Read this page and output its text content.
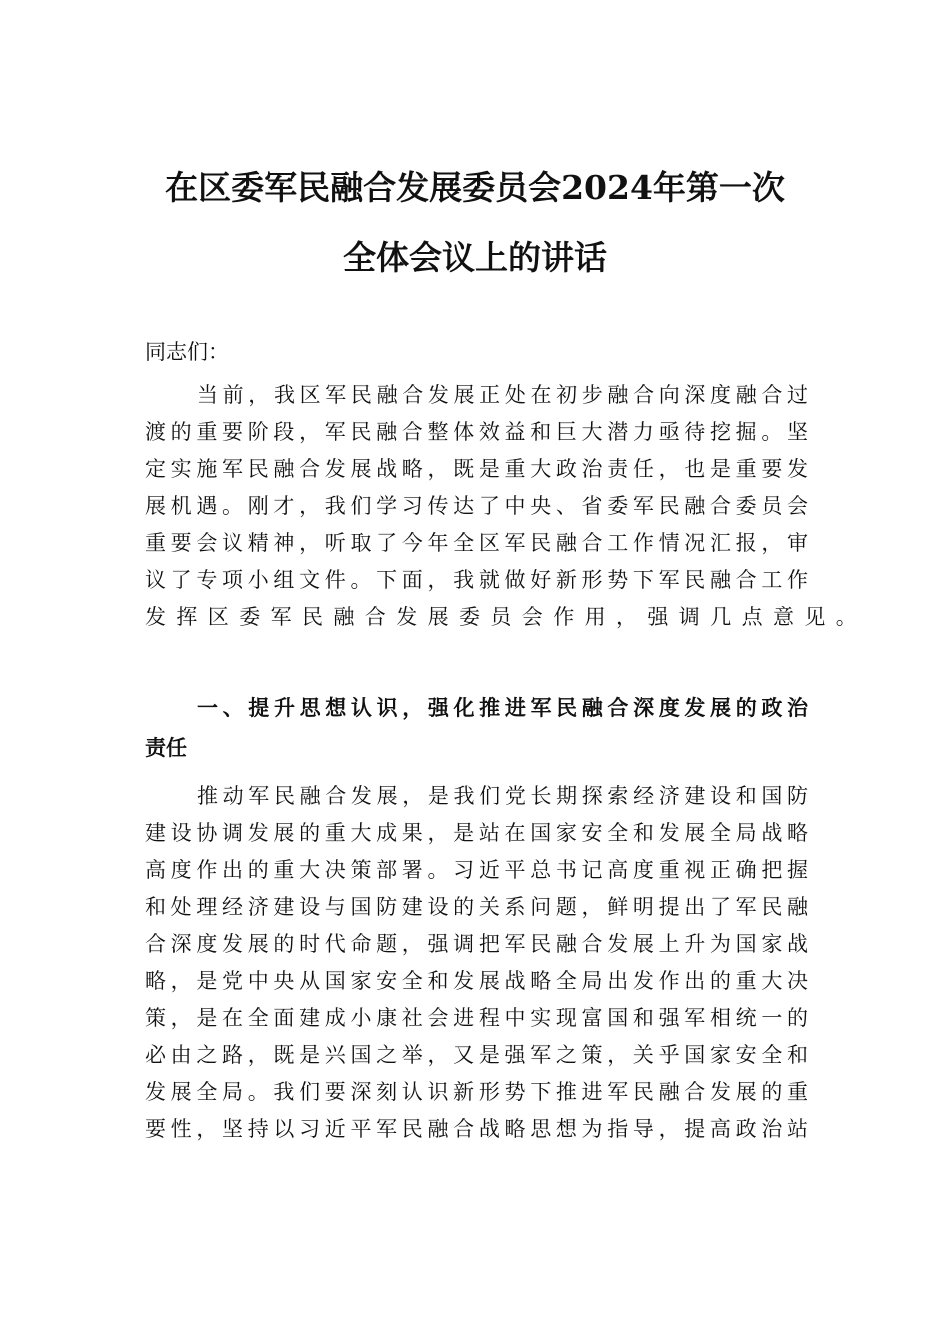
在区委军民融合发展委员会2024年第一次
全体会议上的讲话
同志们：
当前，我区军民融合发展正处在初步融合向深度融合过
渡的重要阶段，军民融合整体效益和巨大潜力亟待挖掘。坚
定实施军民融合发展战略，既是重大政治责任，也是重要发
展机遇。刚才，我们学习传达了中央、省委军民融合委员会
重要会议精神，听取了今年全区军民融合工作情况汇报，审
议了专项小组文件。下面，我就做好新形势下军民融合工作
发挥区委军民融合发展委员会作用，强调几点意见。
一、提升思想认识，强化推进军民融合深度发展的政治
责任
推动军民融合发展，是我们党长期探索经济建设和国防
建设协调发展的重大成果，是站在国家安全和发展全局战略
高度作出的重大决策部署。习近平总书记高度重视正确把握
和处理经济建设与国防建设的关系问题，鲜明提出了军民融
合深度发展的时代命题，强调把军民融合发展上升为国家战
略，是党中央从国家安全和发展战略全局出发作出的重大决
策，是在全面建成小康社会进程中实现富国和强军相统一的
必由之路，既是兴国之举，又是强军之策，关乎国家安全和
发展全局。我们要深刻认识新形势下推进军民融合发展的重
要性，坚持以习近平军民融合战略思想为指导，提高政治站
